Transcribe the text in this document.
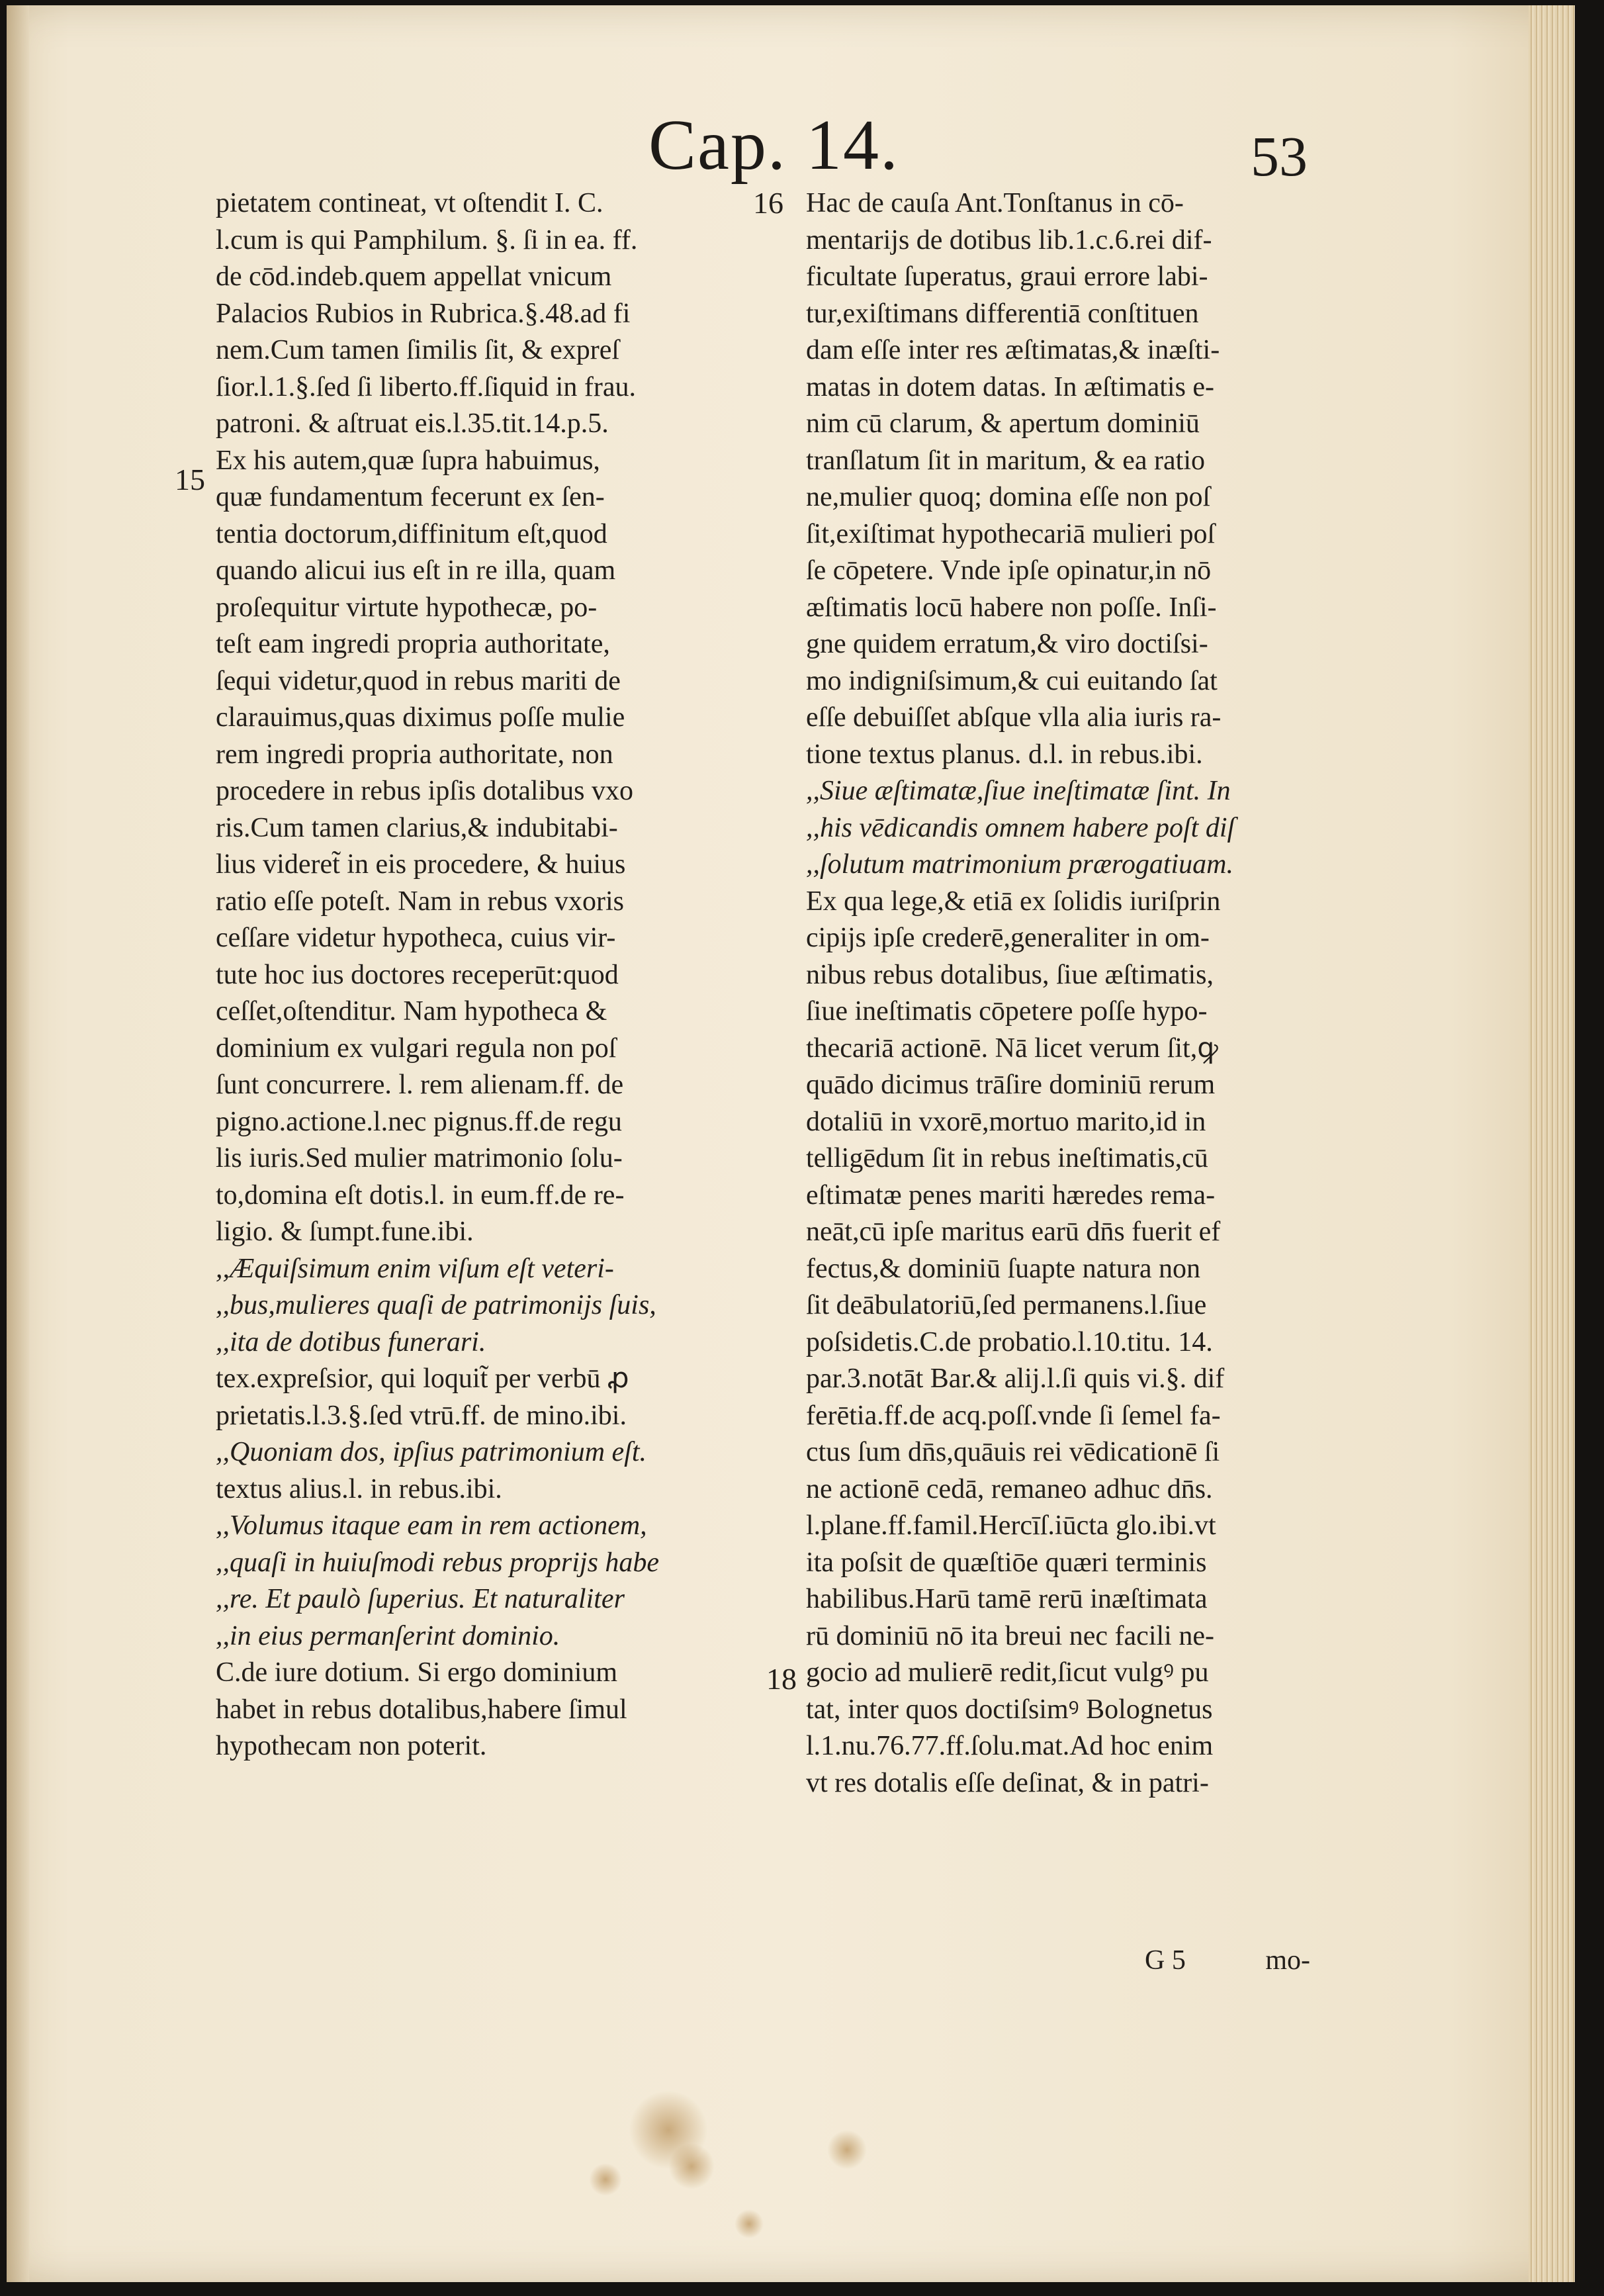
Cap. 14.	53
pietatem contineat, vt oſtendit I. C.
l.cum is qui Pamphilum. §. ſi in ea. ff.
de cōd.indeb.quem appellat vnicum
Palacios Rubios in Rubrica.§.48.ad fi
nem.Cum tamen ſimilis ſit, & expreſ
ſior.l.1.§.ſed ſi liberto.ff.ſiquid in frau.
patroni. & aſtruat eis.l.35.tit.14.p.5.
Ex his autem,quæ ſupra habuimus,
quæ fundamentum fecerunt ex ſen-
tentia doctorum,diffinitum eſt,quod
quando alicui ius eſt in re illa, quam
proſequitur virtute hypothecæ, po-
teſt eam ingredi propria authoritate,
ſequi videtur,quod in rebus mariti de
clarauimus,quas diximus poſſe mulie
rem ingredi propria authoritate, non
procedere in rebus ipſis dotalibus vxo
ris.Cum tamen clarius,& indubitabi-
lius videret̃ in eis procedere, & huius
ratio eſſe poteſt. Nam in rebus vxoris
ceſſare videtur hypotheca, cuius vir-
tute hoc ius doctores receperūt:quod
ceſſet,oſtenditur. Nam hypotheca &
dominium ex vulgari regula non poſ
ſunt concurrere. l. rem alienam.ff. de
pigno.actione.l.nec pignus.ff.de regu
lis iuris.Sed mulier matrimonio ſolu-
to,domina eſt dotis.l. in eum.ff.de re-
ligio. & ſumpt.fune.ibi.
,,Æquiſsimum enim viſum eſt veteri-
,,bus,mulieres quaſi de patrimonijs ſuis,
,,ita de dotibus funerari.
tex.expreſsior, qui loquit̃ per verbū ꝓ
prietatis.l.3.§.ſed vtrū.ff. de mino.ibi.
,,Quoniam dos, ipſius patrimonium eſt.
textus alius.l. in rebus.ibi.
,,Volumus itaque eam in rem actionem,
,,quaſi in huiuſmodi rebus proprijs habe
,,re. Et paulò ſuperius. Et naturaliter
,,in eius permanſerint dominio.
C.de iure dotium. Si ergo dominium
habet in rebus dotalibus,habere ſimul
hypothecam non poterit.
Hac de cauſa Ant.Tonſtanus in cō-
mentarijs de dotibus lib.1.c.6.rei dif-
ficultate ſuperatus, graui errore labi-
tur,exiſtimans differentiā conſtituen
dam eſſe inter res æſtimatas,& inæſti-
matas in dotem datas. In æſtimatis e-
nim cū clarum, & apertum dominiū
tranſlatum ſit in maritum, & ea ratio
ne,mulier quoq; domina eſſe non poſ
ſit,exiſtimat hypothecariā mulieri poſ
ſe cōpetere. Vnde ipſe opinatur,in nō
æſtimatis locū habere non poſſe. Inſi-
gne quidem erratum,& viro doctiſsi-
mo indigniſsimum,& cui euitando ſat
eſſe debuiſſet abſque vlla alia iuris ra-
tione textus planus. d.l. in rebus.ibi.
,,Siue æſtimatæ,ſiue ineſtimatæ ſint. In
,,his vēdicandis omnem habere poſt diſ
,,ſolutum matrimonium prærogatiuam.
Ex qua lege,& etiā ex ſolidis iuriſprin
cipijs ipſe crederē,generaliter in om-
nibus rebus dotalibus, ſiue æſtimatis,
ſiue ineſtimatis cōpetere poſſe hypo-
thecariā actionē. Nā licet verum ſit,ꝙ
quādo dicimus trāſire dominiū rerum
dotaliū in vxorē,mortuo marito,id in
telligēdum ſit in rebus ineſtimatis,cū
eſtimatæ penes mariti hæredes rema-
neāt,cū ipſe maritus earū dn̄s fuerit ef
fectus,& dominiū ſuapte natura non
ſit deābulatoriū,ſed permanens.l.ſiue
poſsidetis.C.de probatio.l.10.titu. 14.
par.3.notāt Bar.& alij.l.ſi quis vi.§. dif
ferētia.ff.de acq.poſſ.vnde ſi ſemel fa-
ctus ſum dn̄s,quāuis rei vēdicationē ſi
ne actionē cedā, remaneo adhuc dn̄s.
l.plane.ff.famil.Hercīſ.iūcta glo.ibi.vt
ita poſsit de quæſtiōe quæri terminis
habilibus.Harū tamē rerū inæſtimata
rū dominiū nō ita breui nec facili ne-
gocio ad mulierē redit,ſicut vulgꝰ pu
tat, inter quos doctiſsimꝰ Bolognetus
l.1.nu.76.77.ff.ſolu.mat.Ad hoc enim
vt res dotalis eſſe deſinat, & in patri-
15
16
18
G 5	mo-
